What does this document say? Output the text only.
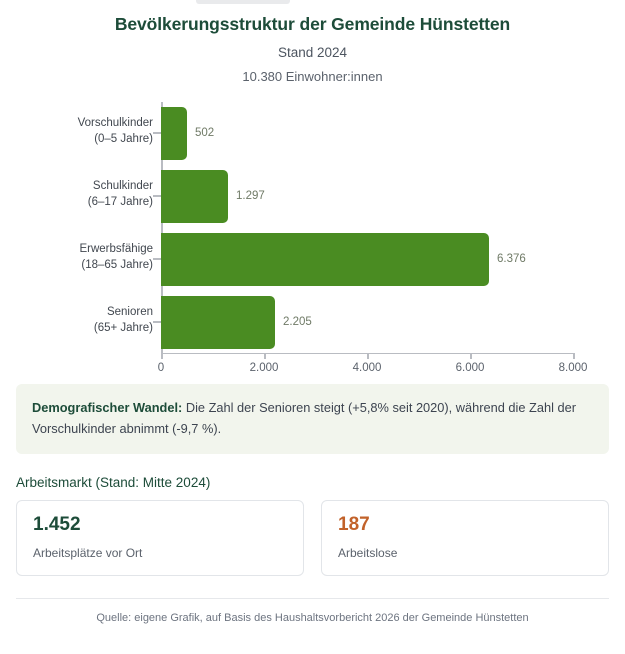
Bevölkerungsstruktur der Gemeinde Hünstetten
Stand 2024
10.380 Einwohner:innen
502
1.297
6.376
2.205
Vorschulkinder
(0–5 Jahre)
Schulkinder
(6–17 Jahre)
Erwerbsfähige
(18–65 Jahre)
Senioren
(65+ Jahre)
0	2.000	4.000	6.000	8.000
Demografischer Wandel: Die Zahl der Senioren steigt (+5,8% seit 2020), während die Zahl der Vorschulkinder abnimmt (-9,7 %).
Arbeitsmarkt (Stand: Mitte 2024)
1.452
Arbeitsplätze vor Ort
187
Arbeitslose
Quelle: eigene Grafik, auf Basis des Haushaltsvorbericht 2026 der Gemeinde Hünstetten
